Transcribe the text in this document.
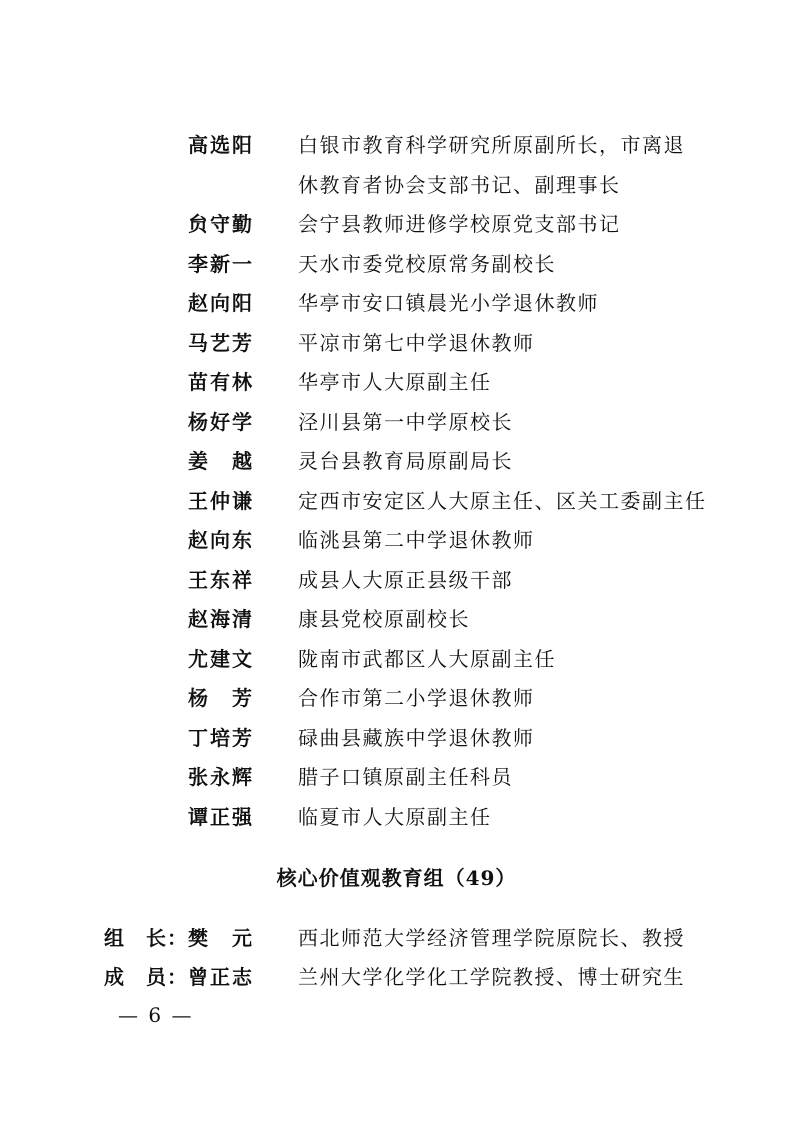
高选阳 白银市教育科学研究所原副所长，市离退
休教育者协会支部书记、副理事长
贠守勤 会宁县教师进修学校原党支部书记
李新一 天水市委党校原常务副校长
赵向阳 华亭市安口镇晨光小学退休教师
马艺芳 平凉市第七中学退休教师
苗有林 华亭市人大原副主任
杨好学 泾川县第一中学原校长
姜　越 灵台县教育局原副局长
王仲谦 定西市安定区人大原主任、区关工委副主任
赵向东 临洮县第二中学退休教师
王东祥 成县人大原正县级干部
赵海清 康县党校原副校长
尤建文 陇南市武都区人大原副主任
杨　芳 合作市第二小学退休教师
丁培芳 碌曲县藏族中学退休教师
张永辉 腊子口镇原副主任科员
谭正强 临夏市人大原副主任
核心价值观教育组（49）
组　长： 樊　元 西北师范大学经济管理学院原院长、教授
成　员： 曾正志 兰州大学化学化工学院教授、博士研究生
— 6 —
